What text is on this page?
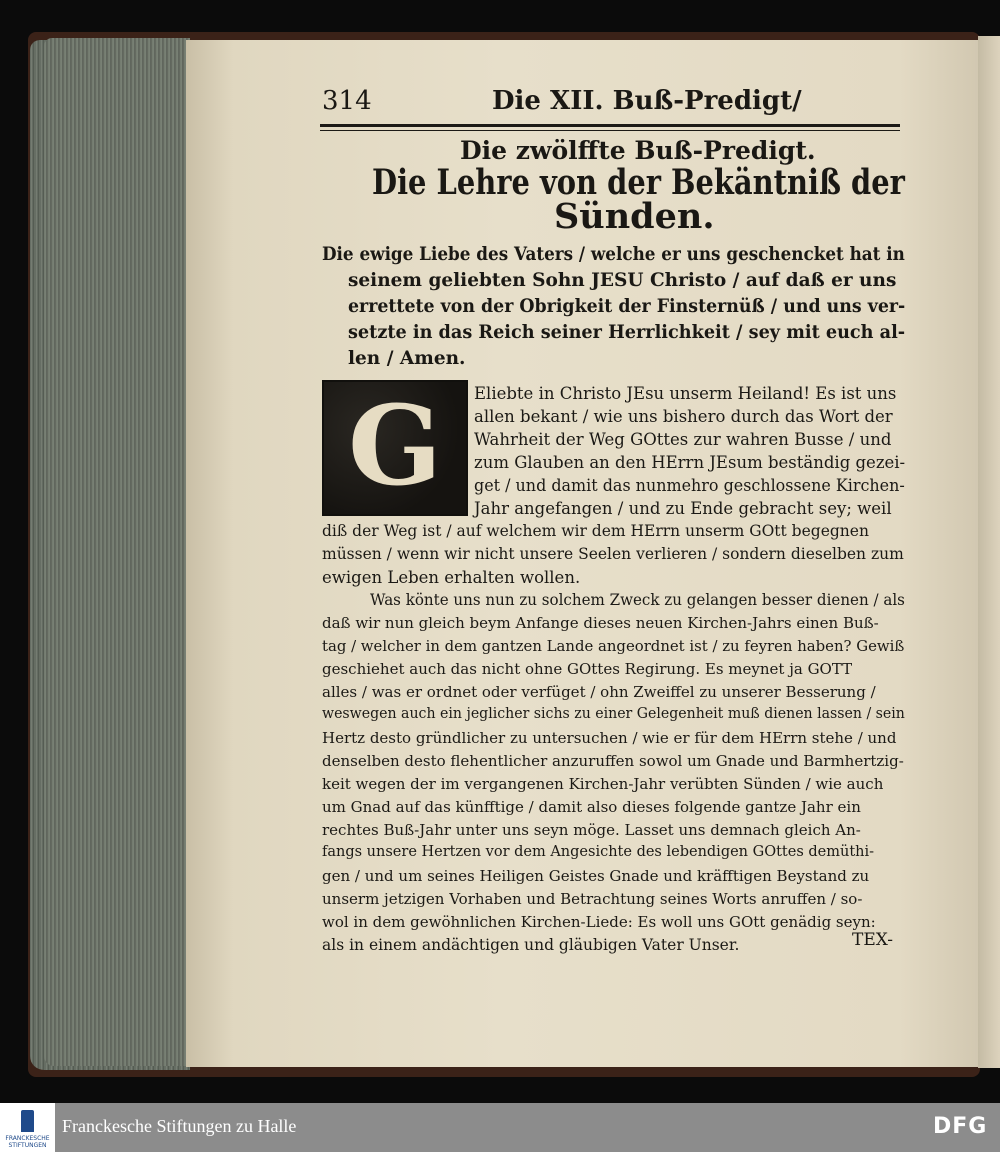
314	Die XII. Buß-Predigt/

Die zwölffte Buß-Predigt.

Die Lehre von der Bekäntniß der

Sünden.

Die ewige Liebe des Vaters / welche er uns geschencket hat in

seinem geliebten Sohn JESU Christo / auf daß er uns

errettete von der Obrigkeit der Finsternüß / und uns ver-

setzte in das Reich seiner Herrlichkeit / sey mit euch al-

len / Amen.

G	Eliebte in Christo JEsu unserm Heiland! Es ist uns

allen bekant / wie uns bishero durch das Wort der

Wahrheit der Weg GOttes zur wahren Busse / und

zum Glauben an den HErrn JEsum beständig gezei-

get / und damit das nunmehro geschlossene Kirchen-

Jahr angefangen / und zu Ende gebracht sey; weil

diß der Weg ist / auf welchem wir dem HErrn unserm GOtt begegnen

müssen / wenn wir nicht unsere Seelen verlieren / sondern dieselben zum

ewigen Leben erhalten wollen.

Was könte uns nun zu solchem Zweck zu gelangen besser dienen / als

daß wir nun gleich beym Anfange dieses neuen Kirchen-Jahrs einen Buß-

tag / welcher in dem gantzen Lande angeordnet ist / zu feyren haben? Gewiß

geschiehet auch das nicht ohne GOttes Regirung. Es meynet ja GOTT

alles / was er ordnet oder verfüget / ohn Zweiffel zu unserer Besserung /

weswegen auch ein jeglicher sichs zu einer Gelegenheit muß dienen lassen / sein

Hertz desto gründlicher zu untersuchen / wie er für dem HErrn stehe / und

denselben desto flehentlicher anzuruffen sowol um Gnade und Barmhertzig-

keit wegen der im vergangenen Kirchen-Jahr verübten Sünden / wie auch

um Gnad auf das künfftige / damit also dieses folgende gantze Jahr ein

rechtes Buß-Jahr unter uns seyn möge. Lasset uns demnach gleich An-

fangs unsere Hertzen vor dem Angesichte des lebendigen GOttes demüthi-

gen / und um seines Heiligen Geistes Gnade und kräfftigen Beystand zu

unserm jetzigen Vorhaben und Betrachtung seines Worts anruffen / so-

wol in dem gewöhnlichen Kirchen-Liede: Es woll uns GOtt genädig seyn:

als in einem andächtigen und gläubigen Vater Unser.	TEX-

FRANCKESCHE STIFTUNGEN
Franckesche Stiftungen zu Halle	DFG
